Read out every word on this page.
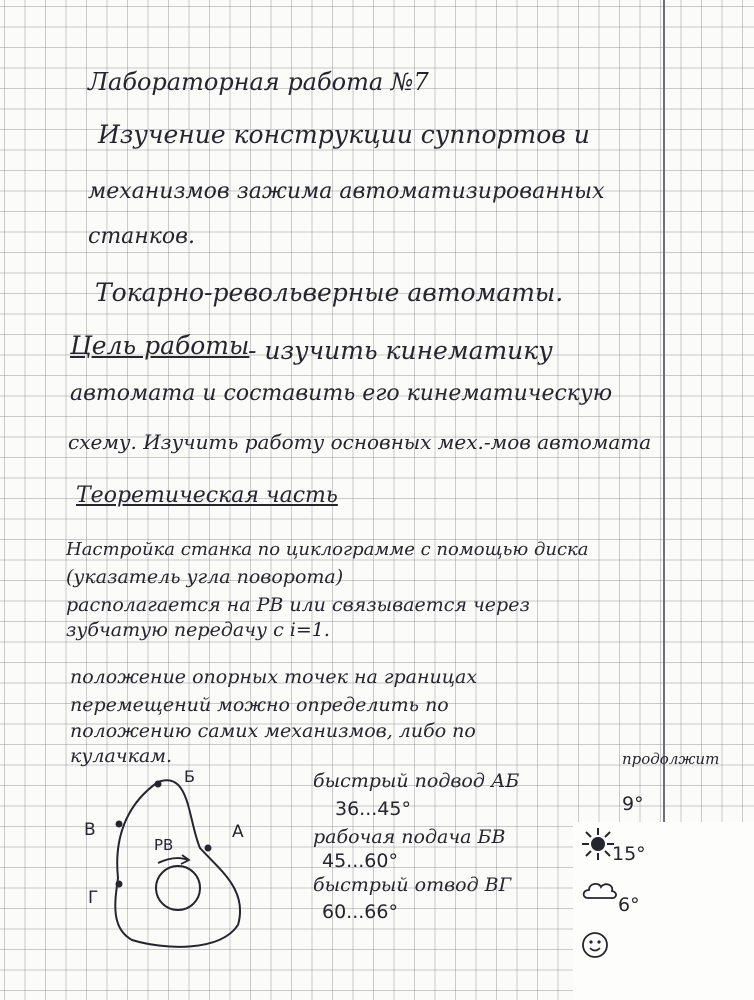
Лабораторная работа №7

Изучение конструкции суппортов и

механизмов зажима автоматизированных

станков.

Токарно-револьверные автоматы.

Цель работы

- изучить кинематику

автомата и составить его кинематическую

схему. Изучить работу основных мех.-мов автомата

Теоретическая часть

Настройка станка по циклограмме с помощью диска

(указатель угла поворота)

располагается на РВ или связывается через

зубчатую передачу с i=1.

положение опорных точек на границах

перемещений можно определить по

положению самих механизмов, либо по

кулачкам.

Б
А
В
Г
РВ

продолжит

быстрый подвод АБ

36...45°	9°

рабочая подача БВ

45...60°

быстрый отвод ВГ

60...66°

15°

6°
